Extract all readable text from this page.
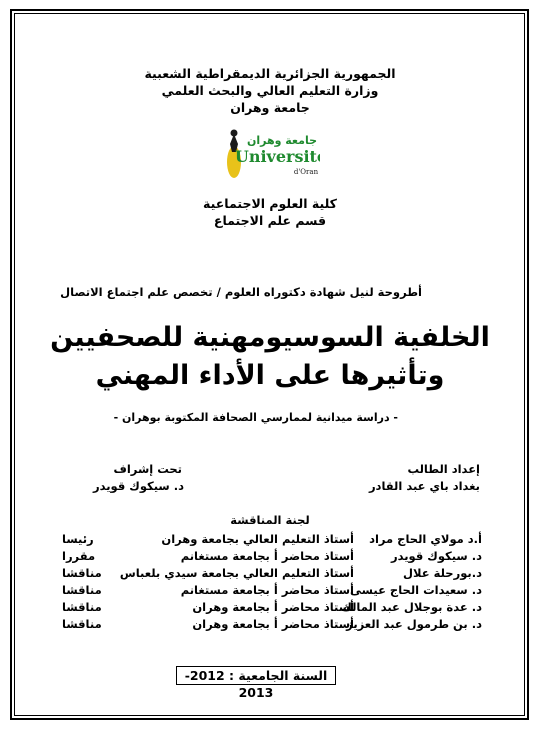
الجمهورية الجزائرية الديمقراطية الشعبية
وزارة التعليم العالي والبحث العلمي
جامعة وهران
جامعة وهران
Université
d'Oran
كلية العلوم الاجتماعية
قسم علم الاجتماع
أطروحة لنيل شهادة دكتوراه العلوم / تخصص علم اجتماع الاتصال
الخلفية السوسيومهنية للصحفيين
وتأثيرها على الأداء المهني
- دراسة ميدانية لممارسي الصحافة المكتوبة بوهران -
إعداد الطالب
بغداد باي عبد القادر
تحت إشراف
د. سيكوك قويدر
لجنة المناقشة
أ.د مولاي الحاج مراد
أستاذ التعليم العالي بجامعة وهران
رئيسا
د. سيكوك قويدر
أستاذ محاضر أ بجامعة مستغانم
مقررا
د.بورحلة علال
أستاذ التعليم العالي بجامعة سيدي بلعباس
مناقشا
د. سعيدات الحاج عيسى
أستاذ محاضر أ بجامعة مستغانم
مناقشا
د. عدة بوجلال عبد المالك
أستاذ محاضر أ بجامعة وهران
مناقشا
د. بن طرمول عبد العزيز
أستاذ محاضر أ بجامعة وهران
مناقشا
السنة الجامعية : 2012-2013
